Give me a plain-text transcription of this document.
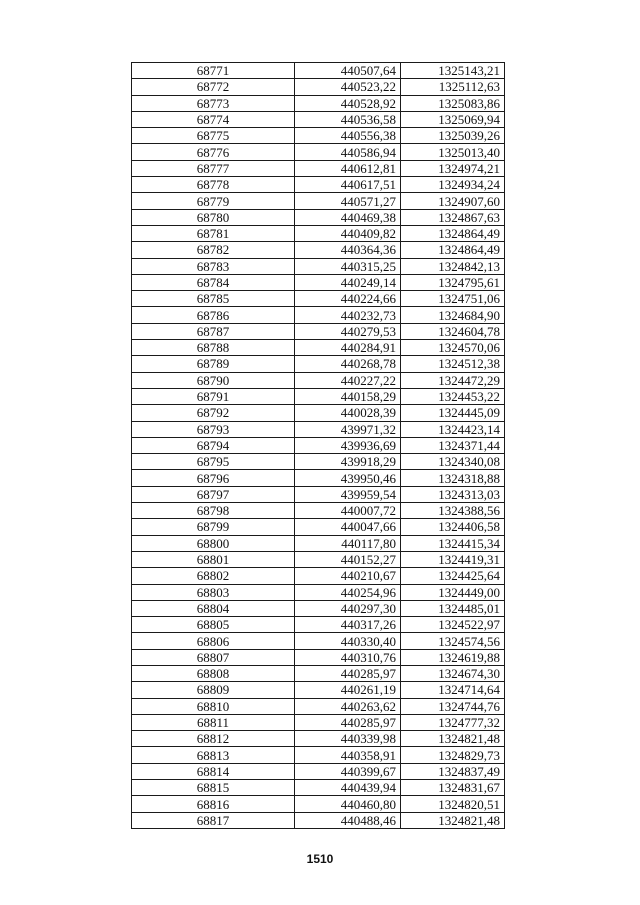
68771	440507,64	1325143,21
68772	440523,22	1325112,63
68773	440528,92	1325083,86
68774	440536,58	1325069,94
68775	440556,38	1325039,26
68776	440586,94	1325013,40
68777	440612,81	1324974,21
68778	440617,51	1324934,24
68779	440571,27	1324907,60
68780	440469,38	1324867,63
68781	440409,82	1324864,49
68782	440364,36	1324864,49
68783	440315,25	1324842,13
68784	440249,14	1324795,61
68785	440224,66	1324751,06
68786	440232,73	1324684,90
68787	440279,53	1324604,78
68788	440284,91	1324570,06
68789	440268,78	1324512,38
68790	440227,22	1324472,29
68791	440158,29	1324453,22
68792	440028,39	1324445,09
68793	439971,32	1324423,14
68794	439936,69	1324371,44
68795	439918,29	1324340,08
68796	439950,46	1324318,88
68797	439959,54	1324313,03
68798	440007,72	1324388,56
68799	440047,66	1324406,58
68800	440117,80	1324415,34
68801	440152,27	1324419,31
68802	440210,67	1324425,64
68803	440254,96	1324449,00
68804	440297,30	1324485,01
68805	440317,26	1324522,97
68806	440330,40	1324574,56
68807	440310,76	1324619,88
68808	440285,97	1324674,30
68809	440261,19	1324714,64
68810	440263,62	1324744,76
68811	440285,97	1324777,32
68812	440339,98	1324821,48
68813	440358,91	1324829,73
68814	440399,67	1324837,49
68815	440439,94	1324831,67
68816	440460,80	1324820,51
68817	440488,46	1324821,48
1510
